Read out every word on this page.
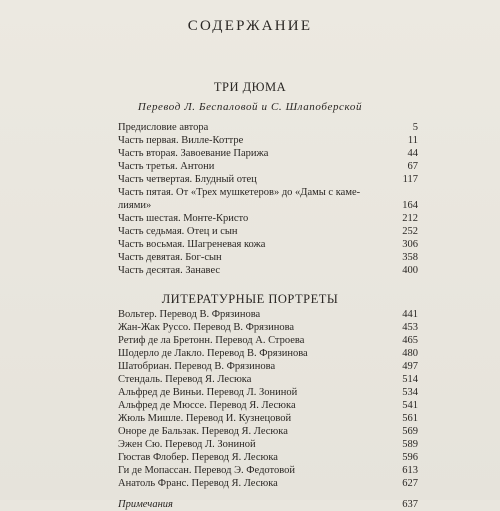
СОДЕРЖАНИЕ
ТРИ ДЮМА
Перевод Л. Беспаловой и С. Шлапоберской
Предисловие автора	5
Часть первая. Вилле-Коттре	11
Часть вторая. Завоевание Парижа	44
Часть третья. Антони	67
Часть четвертая. Блудный отец	117
Часть пятая. От «Трех мушкетеров» до «Дамы с каме-
лиями»	164
Часть шестая. Монте-Кристо	212
Часть седьмая. Отец и сын	252
Часть восьмая. Шагреневая кожа	306
Часть девятая. Бог-сын	358
Часть десятая. Занавес	400
ЛИТЕРАТУРНЫЕ ПОРТРЕТЫ
Вольтер. Перевод В. Фрязинова	441
Жан-Жак Руссо. Перевод В. Фрязинова	453
Ретиф де ла Бретонн. Перевод А. Строева	465
Шодерло де Лакло. Перевод В. Фрязинова	480
Шатобриан. Перевод В. Фрязинова	497
Стендаль. Перевод Я. Лесюка	514
Альфред де Виньи. Перевод Л. Зониной	534
Альфред де Мюссе. Перевод Я. Лесюка	541
Жюль Мишле. Перевод И. Кузнецовой	561
Оноре де Бальзак. Перевод Я. Лесюка	569
Эжен Сю. Перевод Л. Зониной	589
Гюстав Флобер. Перевод Я. Лесюка	596
Ги де Мопассан. Перевод Э. Федотовой	613
Анатоль Франс. Перевод Я. Лесюка	627
Примечания	637
